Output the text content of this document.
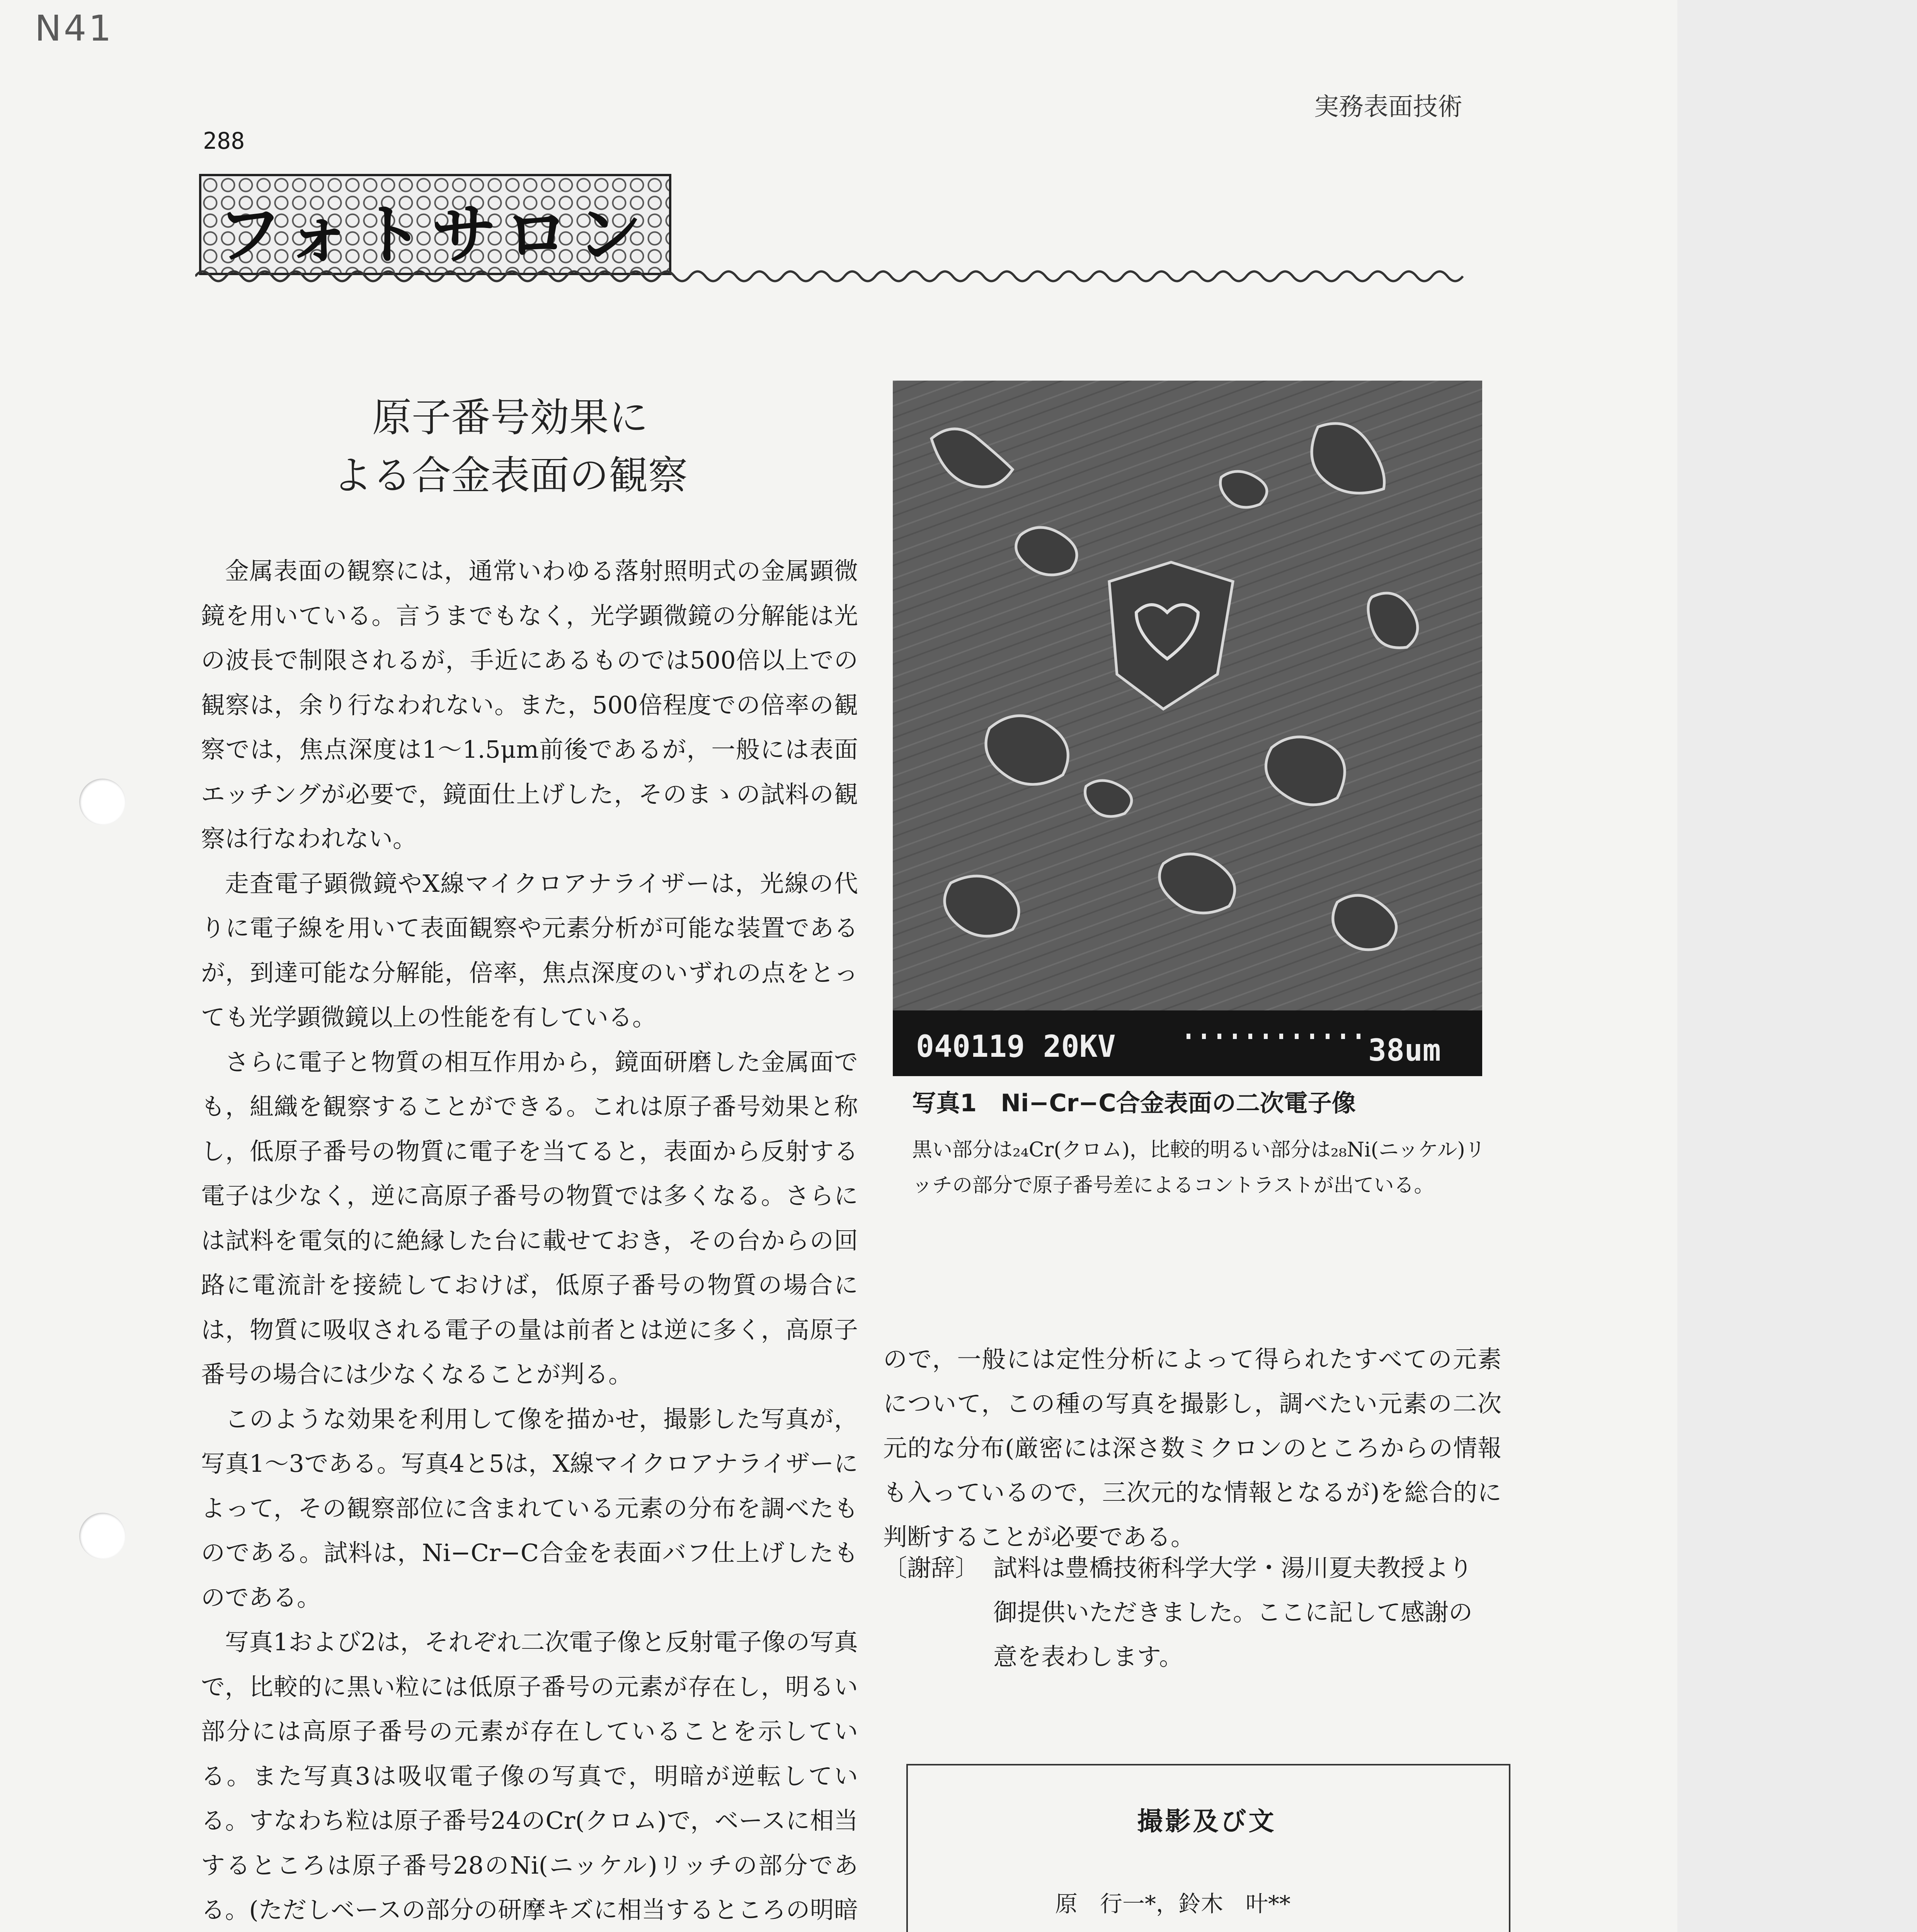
N41
実務表面技術
288
フォトサロン
原子番号効果に
よる合金表面の観察

金属表面の観察には，通常いわゆる落射照明式の金属顕微鏡を用いている。言うまでもなく，光学顕微鏡の分解能は光の波長で制限されるが，手近にあるものでは500倍以上での観察は，余り行なわれない。また，500倍程度での倍率の観察では，焦点深度は1〜1.5μm前後であるが，一般には表面エッチングが必要で，鏡面仕上げした，そのまゝの試料の観察は行なわれない。

走査電子顕微鏡やX線マイクロアナライザーは，光線の代りに電子線を用いて表面観察や元素分析が可能な装置であるが，到達可能な分解能，倍率，焦点深度のいずれの点をとっても光学顕微鏡以上の性能を有している。

さらに電子と物質の相互作用から，鏡面研磨した金属面でも，組織を観察することができる。これは原子番号効果と称し，低原子番号の物質に電子を当てると，表面から反射する電子は少なく，逆に高原子番号の物質では多くなる。さらには試料を電気的に絶縁した台に載せておき，その台からの回路に電流計を接続しておけば，低原子番号の物質の場合には，物質に吸収される電子の量は前者とは逆に多く，高原子番号の場合には少なくなることが判る。

このような効果を利用して像を描かせ，撮影した写真が，写真1〜3である。写真4と5は，X線マイクロアナライザーによって，その観察部位に含まれている元素の分布を調べたものである。試料は，Ni−Cr−C合金を表面バフ仕上げしたものである。

写真1および2は，それぞれ二次電子像と反射電子像の写真で，比較的に黒い粒には低原子番号の元素が存在し，明るい部分には高原子番号の元素が存在していることを示している。また写真3は吸収電子像の写真で，明暗が逆転している。すなわち粒は原子番号24のCr(クロム)で，ベースに相当するところは原子番号28のNi(ニッケル)リッチの部分である。(ただしベースの部分の研摩キズに相当するところの明暗

040119 20KV	38um
写真1　Ni−Cr−C合金表面の二次電子像
黒い部分は₂₄Cr(クロム)，比較的明るい部分は₂₈Ni(ニッケル)リッチの部分で原子番号差によるコントラストが出ている。

ので，一般には定性分析によって得られたすべての元素について，この種の写真を撮影し，調べたい元素の二次元的な分布(厳密には深さ数ミクロンのところからの情報も入っているので，三次元的な情報となるが)を総合的に判断することが必要である。

〔謝辞〕 試料は豊橋技術科学大学・湯川夏夫教授より御提供いただきました。ここに記して感謝の意を表わします。
撮影及び文
原　行一*，鈴木　叶**
